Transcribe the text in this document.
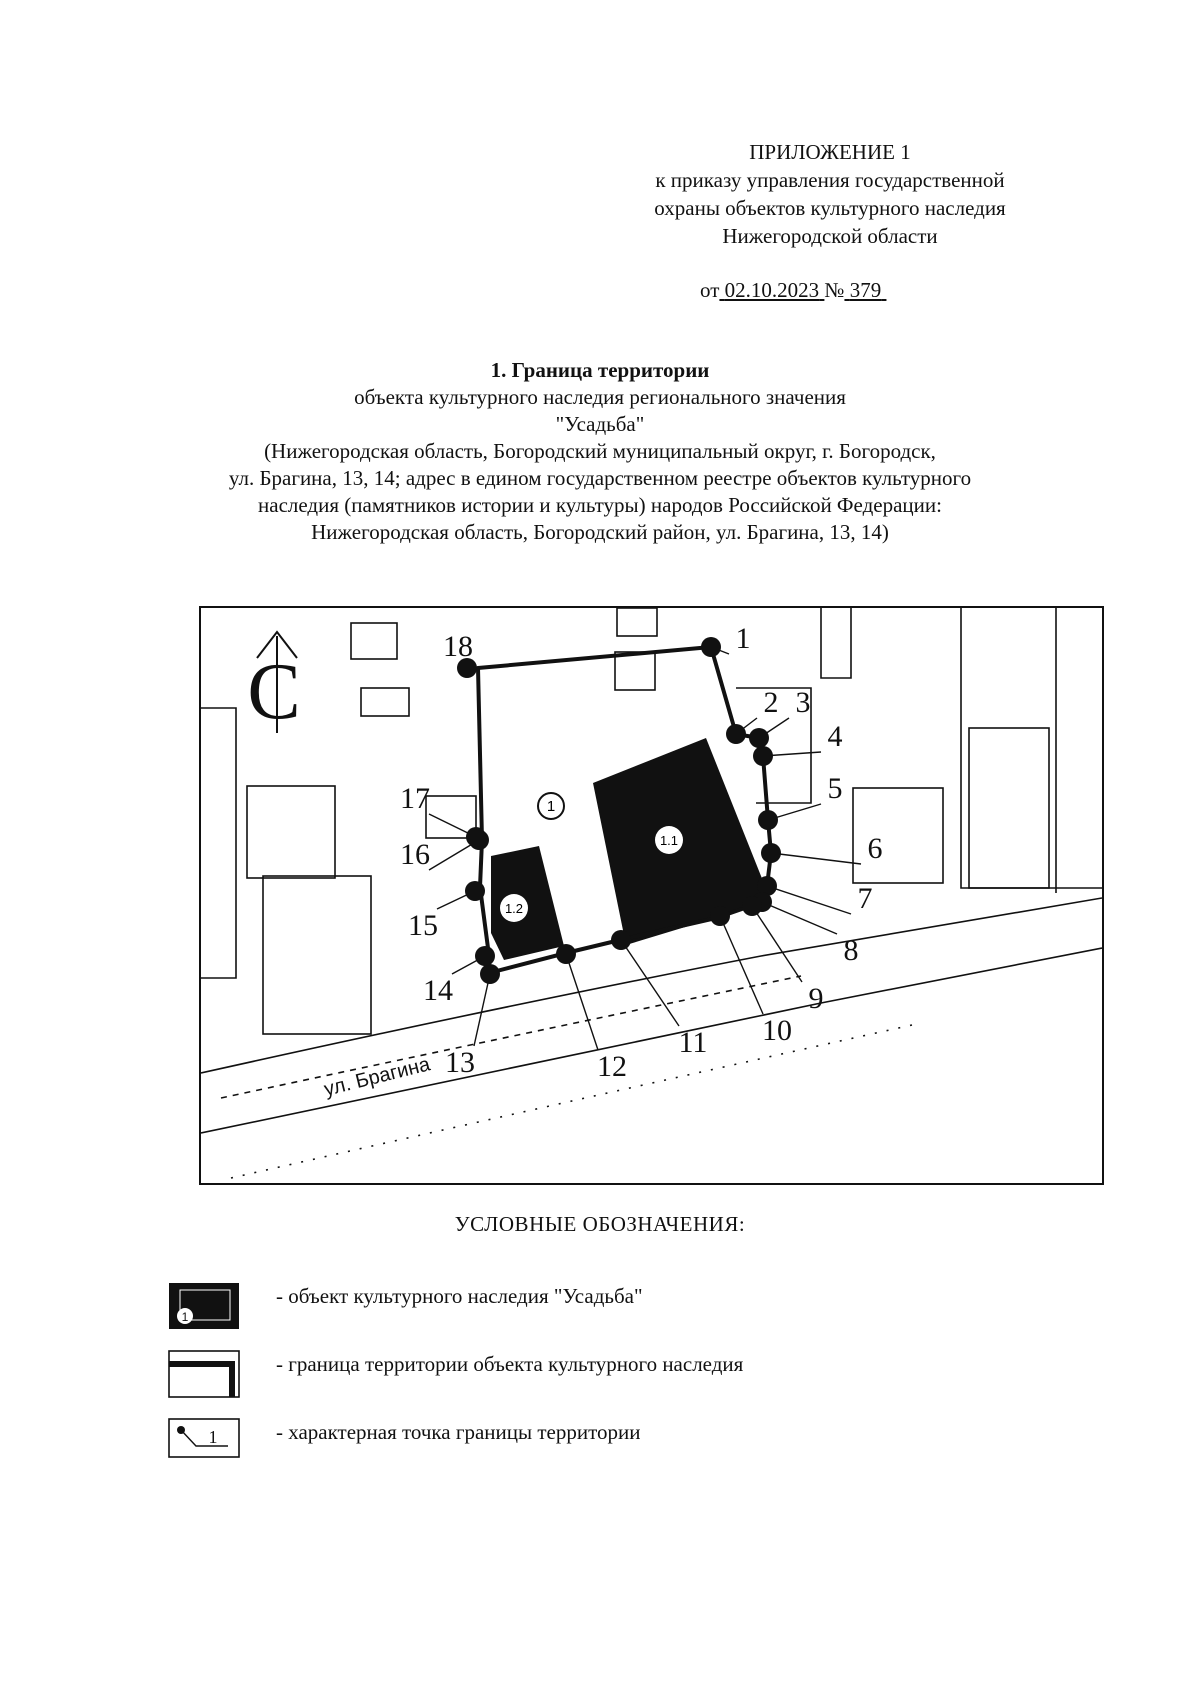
ПРИЛОЖЕНИЕ 1
к приказу управления государственной
охраны объектов культурного наследия
Нижегородской области
от 02.10.2023 № 379
1. Граница территории
объекта культурного наследия регионального значения
"Усадьба"
(Нижегородская область, Богородский муниципальный округ, г. Богородск,
ул. Брагина, 13, 14; адрес в едином государственном реестре объектов культурного
наследия (памятников истории и культуры) народов Российской Федерации:
Нижегородская область, Богородский район, ул. Брагина, 13, 14)
1.1
1.2
1
1
2 3
4
5
6
7
8
9
10
11
12
13
14
15
16
17
18
С
ул. Брагина
УСЛОВНЫЕ ОБОЗНАЧЕНИЯ:
1
- объект культурного наследия "Усадьба"
- граница территории объекта культурного наследия
1	- характерная точка границы территории
